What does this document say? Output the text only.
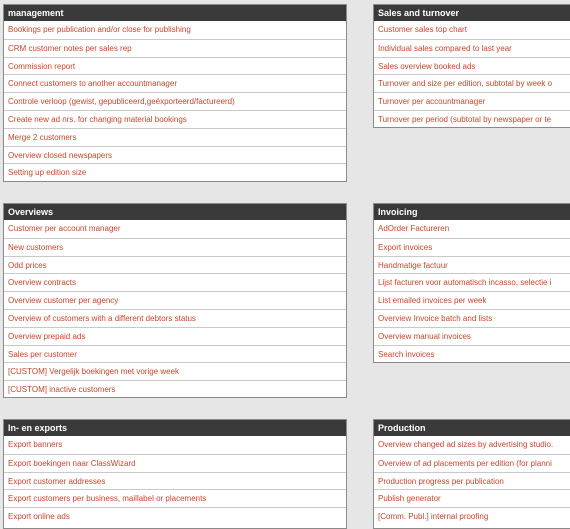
management
Bookings per publication and/or close for publishing
CRM customer notes per sales rep
Commission report
Connect customers to another accountmanager
Controle verloop (gewist, gepubliceerd,geëxporteerd/factureerd)
Create new ad nrs. for changing material bookings
Merge 2 customers
Overview closed newspapers
Setting up edition size
Sales and turnover
Customer sales top chart
Individual sales compared to last year
Sales overview booked ads
Turnover and size per edition, subtotal by week o
Turnover per accountmanager
Turnover per period (subtotal by newspaper or te
Overviews
Customer per account manager
New customers
Odd prices
Overview contracts
Overview customer per agency
Overview of customers with a different debtors status
Overview prepaid ads
Sales per customer
[CUSTOM] Vergelijk boekingen met vorige week
[CUSTOM] inactive customers
Invoicing
AdOrder Factureren
Export invoices
Handmatige factuur
Lijst facturen voor automatisch incasso, selectie i
List emailed invoices per week
Overview Invoice batch and lists
Overview manual invoices
Search invoices
In- en exports
Export banners
Export boekingen naar ClassWizard
Export customer addresses
Export customers per business, maillabel or placements
Export online ads
Production
Overview changed ad sizes by advertising studio.
Overview of ad placements per edition (for planni
Production progress per publication
Publish generator
[Comm. Publ.] internal proofing
